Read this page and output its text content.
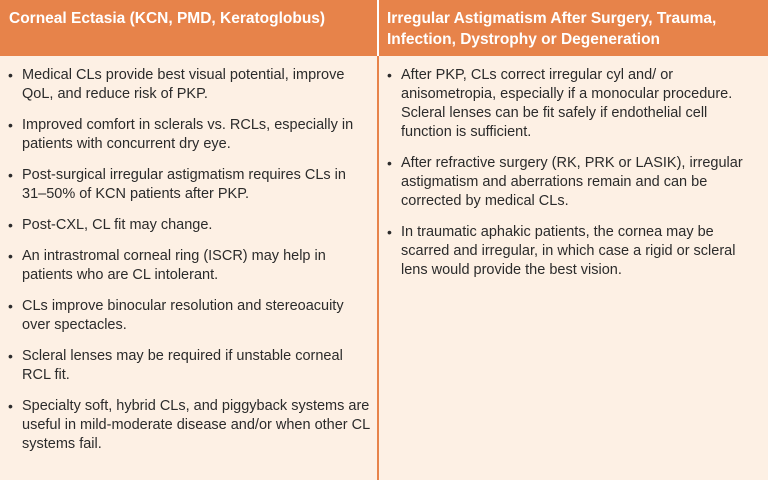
Corneal Ectasia (KCN, PMD, Keratoglobus)	Irregular Astigmatism After Surgery, Trauma, Infection, Dystrophy or Degeneration
• Medical CLs provide best visual potential, improve QoL, and reduce risk of PKP.
• Improved comfort in sclerals vs. RCLs, especially in patients with concurrent dry eye.
• Post-surgical irregular astigmatism requires CLs in 31–50% of KCN patients after PKP.
• Post-CXL, CL fit may change.
• An intrastromal corneal ring (ISCR) may help in patients who are CL intolerant.
• CLs improve binocular resolution and stereoacuity over spectacles.
• Scleral lenses may be required if unstable corneal RCL fit.
• Specialty soft, hybrid CLs, and piggyback systems are useful in mild-moderate disease and/or when other CL systems fail.
• After PKP, CLs correct irregular cyl and/ or anisometropia, especially if a monocular procedure. Scleral lenses can be fit safely if endothelial cell function is sufficient.
• After refractive surgery (RK, PRK or LASIK), irregular astigmatism and aberrations remain and can be corrected by medical CLs.
• In traumatic aphakic patients, the cornea may be scarred and irregular, in which case a rigid or scleral lens would provide the best vision.
